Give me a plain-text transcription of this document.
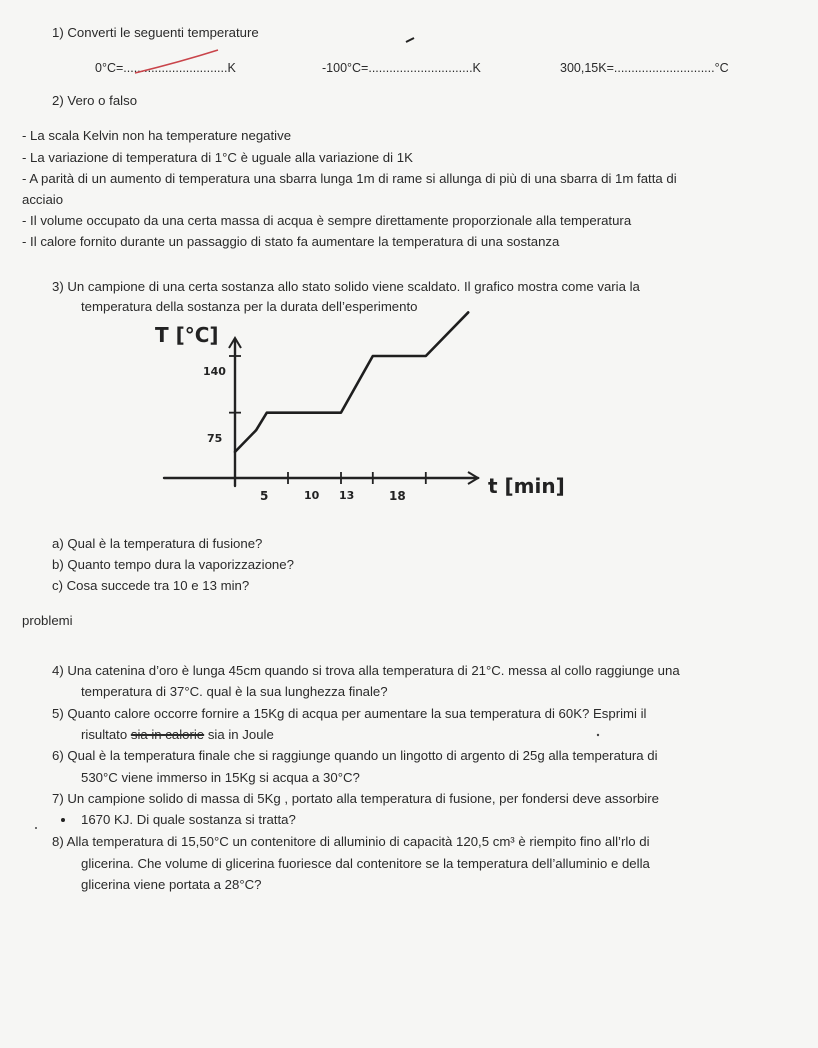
1) Converti le seguenti temperature
0°C=..............................K	-100°C=..............................K	300,15K=.............................°C
2) Vero o falso
- La scala Kelvin non ha temperature negative
- La variazione di temperatura di 1°C è uguale alla variazione di 1K
- A parità di un aumento di temperatura una sbarra lunga 1m di rame si allunga di più di una sbarra di 1m fatta di
acciaio
- Il volume occupato da una certa massa di acqua è sempre direttamente proporzionale alla temperatura
- Il calore fornito durante un passaggio di stato fa aumentare la temperatura di una sostanza
3) Un campione di una certa sostanza allo stato solido viene scaldato. Il grafico mostra come varia la
temperatura della sostanza per la durata dell’esperimento
T [°C]
t [min]
140
75
5	10 13	18
a) Qual è la temperatura di fusione?
b) Quanto tempo dura la vaporizzazione?
c) Cosa succede tra 10 e 13 min?
problemi
4) Una catenina d’oro è lunga 45cm quando si trova alla temperatura di 21°C. messa al collo raggiunge una
temperatura di 37°C. qual è la sua lunghezza finale?
5) Quanto calore occorre fornire a 15Kg di acqua per aumentare la sua temperatura di 60K? Esprimi il
risultato sia in calorie sia in Joule
6) Qual è la temperatura finale che si raggiunge quando un lingotto di argento di 25g alla temperatura di
530°C viene immerso in 15Kg si acqua a 30°C?
7) Un campione solido di massa di 5Kg , portato alla temperatura di fusione, per fondersi deve assorbire
1670 KJ. Di quale sostanza si tratta?
8) Alla temperatura di 15,50°C un contenitore di alluminio di capacità 120,5 cm³ è riempito fino all’rlo di
glicerina. Che volume di glicerina fuoriesce dal contenitore se la temperatura dell’alluminio e della
glicerina viene portata a 28°C?
